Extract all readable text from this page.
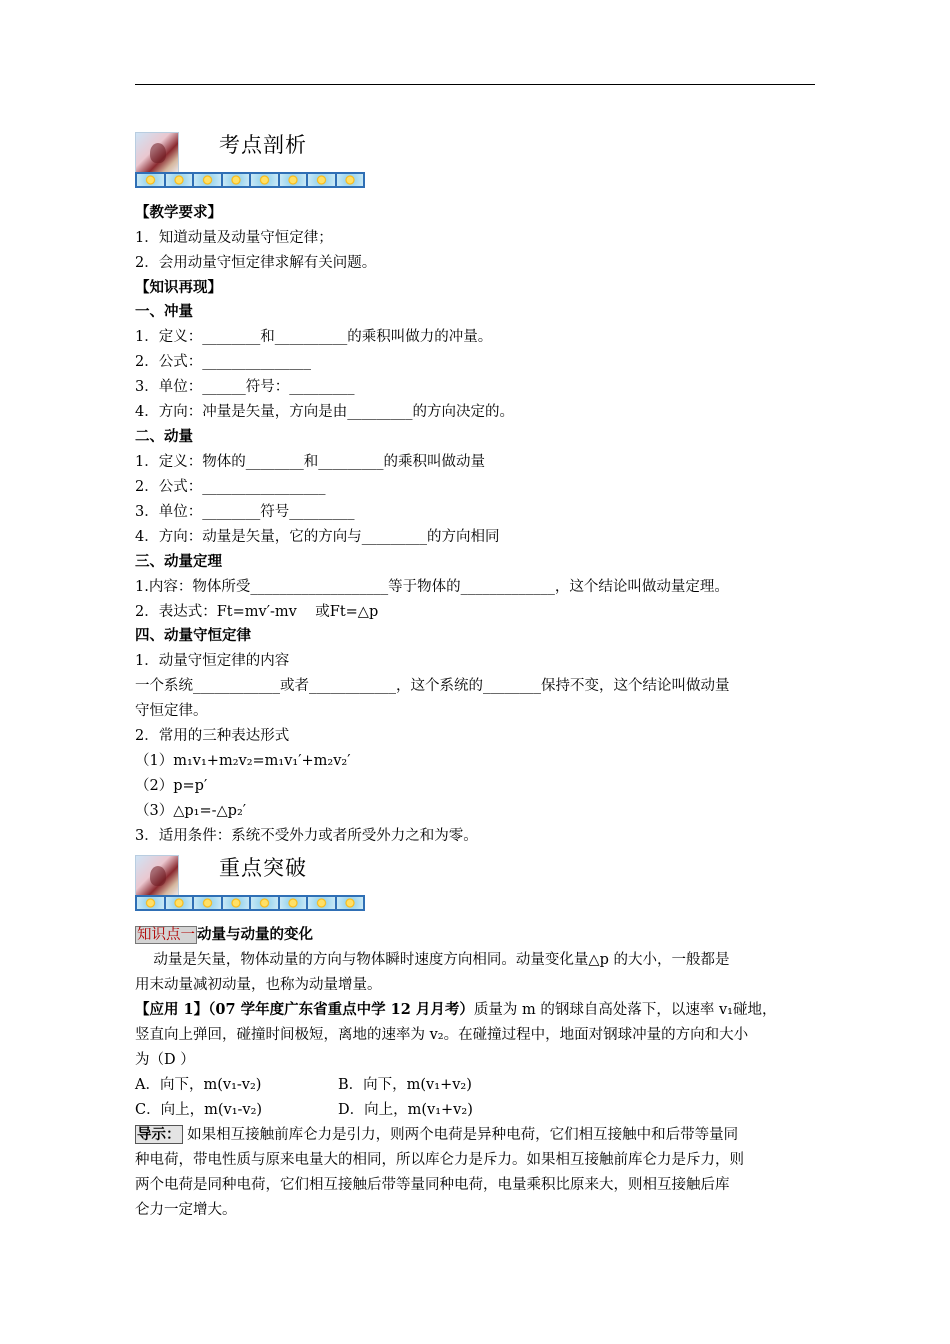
考点剖析
【教学要求】
1．知道动量及动量守恒定律；
2．会用动量守恒定律求解有关问题。
【知识再现】
一、冲量
1．定义：________和__________的乘积叫做力的冲量。
2．公式：_______________
3．单位：______符号：_________
4．方向：冲量是矢量，方向是由_________的方向决定的。
二、动量
1．定义：物体的________和_________的乘积叫做动量
2．公式：_________________
3．单位：________符号_________
4．方向：动量是矢量，它的方向与_________的方向相同
三、动量定理
1.内容：物体所受___________________等于物体的_____________，这个结论叫做动量定理。
2．表达式：Ft=mv′-mv    或Ft=△p
四、动量守恒定律
1．动量守恒定律的内容
一个系统____________或者____________，这个系统的________保持不变，这个结论叫做动量
守恒定律。
2．常用的三种表达形式
（1）m₁v₁+m₂v₂=m₁v₁′+m₂v₂′
（2）p=p′
（3）△p₁=-△p₂′
3．适用条件：系统不受外力或者所受外力之和为零。
重点突破
知识点一 动量与动量的变化
动量是矢量，物体动量的方向与物体瞬时速度方向相同。动量变化量△p 的大小，一般都是
用末动量减初动量，也称为动量增量。
【应用 1】（07 学年度广东省重点中学 12 月月考）质量为 m 的钢球自高处落下，以速率 v₁碰地，
竖直向上弹回，碰撞时间极短，离地的速率为 v₂。在碰撞过程中，地面对钢球冲量的方向和大小
为（D ）
A．向下，m(v₁-v₂)	B．向下，m(v₁+v₂)
C．向上，m(v₁-v₂)	D．向上，m(v₁+v₂)
导示： 如果相互接触前库仑力是引力，则两个电荷是异种电荷，它们相互接触中和后带等量同
种电荷，带电性质与原来电量大的相同，所以库仑力是斥力。如果相互接触前库仑力是斥力，则
两个电荷是同种电荷，它们相互接触后带等量同种电荷，电量乘积比原来大，则相互接触后库
仑力一定增大。
